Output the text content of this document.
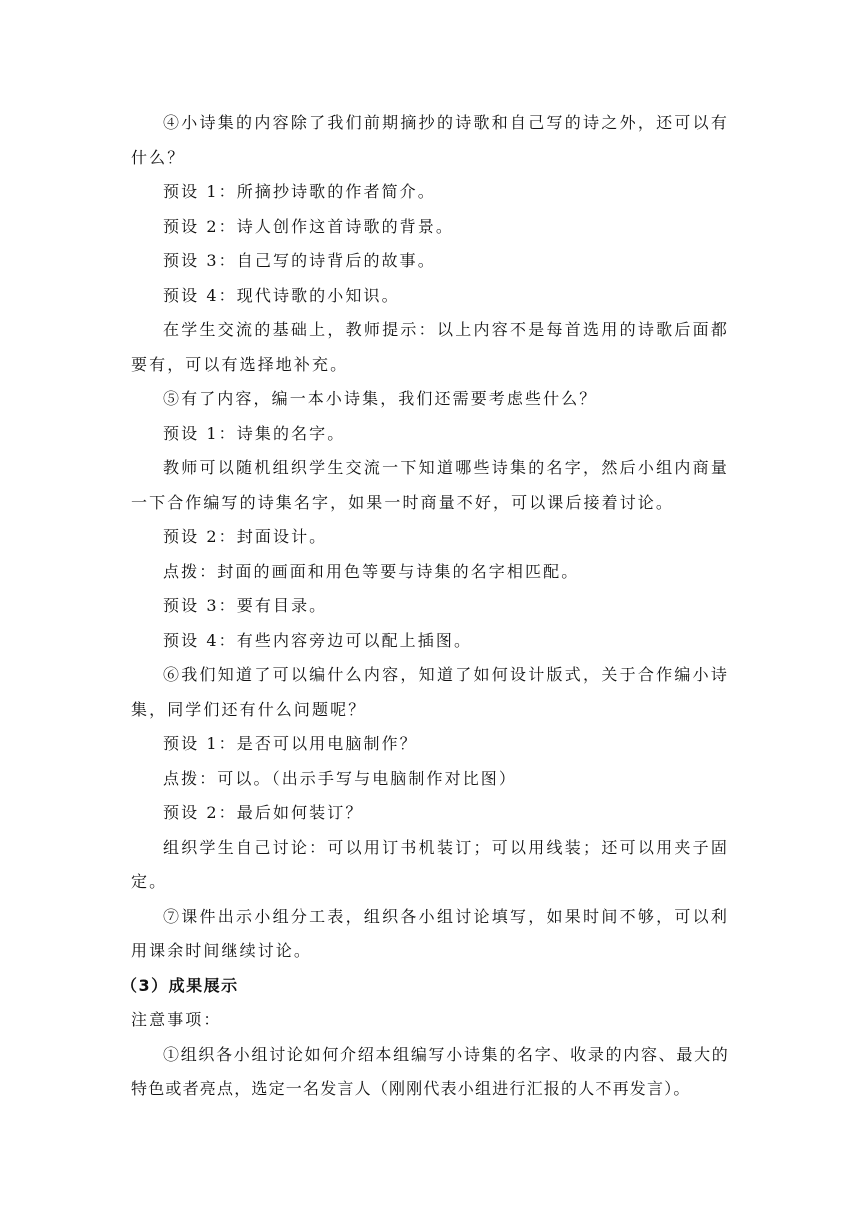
④小诗集的内容除了我们前期摘抄的诗歌和自己写的诗之外，还可以有什么？

预设 1：所摘抄诗歌的作者简介。

预设 2：诗人创作这首诗歌的背景。

预设 3：自己写的诗背后的故事。

预设 4：现代诗歌的小知识。

在学生交流的基础上，教师提示：以上内容不是每首选用的诗歌后面都要有，可以有选择地补充。

⑤有了内容，编一本小诗集，我们还需要考虑些什么？

预设 1：诗集的名字。

教师可以随机组织学生交流一下知道哪些诗集的名字，然后小组内商量一下合作编写的诗集名字，如果一时商量不好，可以课后接着讨论。

预设 2：封面设计。

点拨：封面的画面和用色等要与诗集的名字相匹配。

预设 3：要有目录。

预设 4：有些内容旁边可以配上插图。

⑥我们知道了可以编什么内容，知道了如何设计版式，关于合作编小诗集，同学们还有什么问题呢？

预设 1：是否可以用电脑制作？

点拨：可以。（出示手写与电脑制作对比图）

预设 2：最后如何装订？

组织学生自己讨论：可以用订书机装订；可以用线装；还可以用夹子固定。

⑦课件出示小组分工表，组织各小组讨论填写，如果时间不够，可以利用课余时间继续讨论。

（3）成果展示

注意事项：

①组织各小组讨论如何介绍本组编写小诗集的名字、收录的内容、最大的特色或者亮点，选定一名发言人（刚刚代表小组进行汇报的人不再发言）。
